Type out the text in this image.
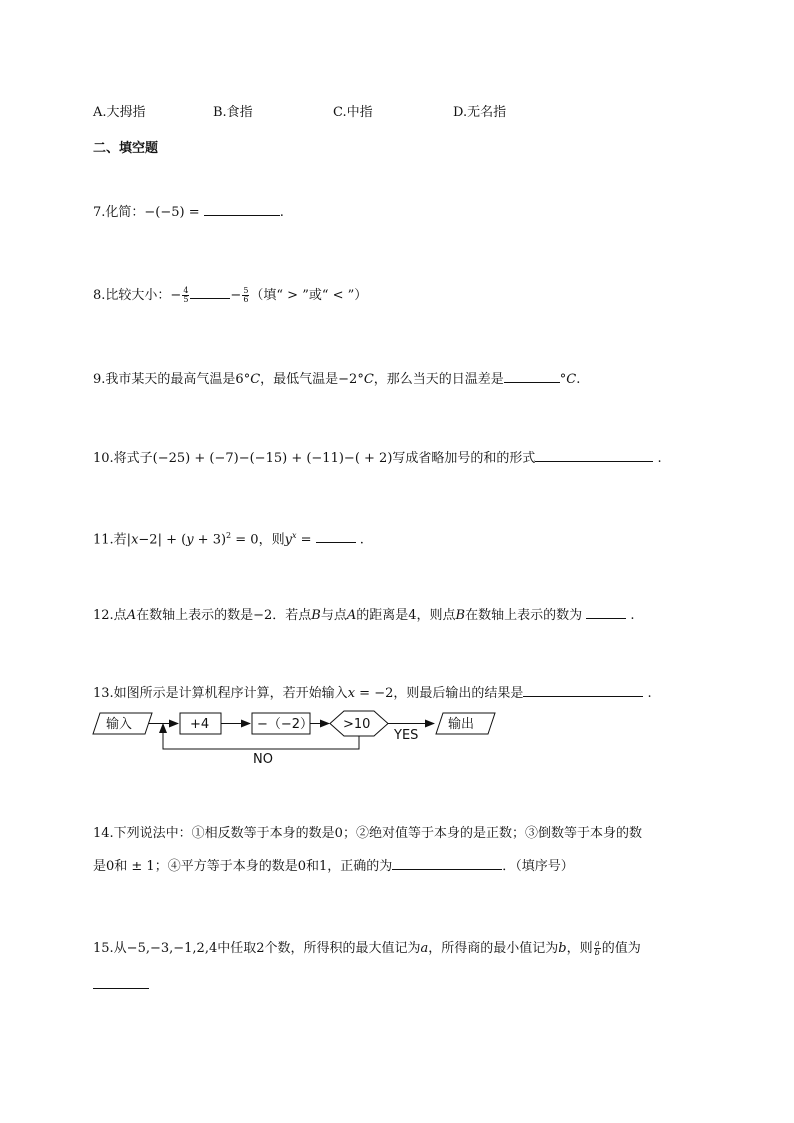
A.大拇指	B.食指	C.中指	D.无名指
二、填空题
7.化简：−(−5) =	.
8.比较大小：− $\frac{4}{5}$	− $\frac{5}{6}$ （填“ > ”或“ < ”）
9.我市某天的最高气温是6°C，最低气温是−2°C，那么当天的日温差是	°C.
10.将式子(−25) + (−7)−(−15) + (−11)−( + 2)写成省略加号的和的形式	.
11.若$|x-2| + (y + 3)^2 = 0$，则$y^x$ =	.
12.点A在数轴上表示的数是−2．若点B与点A的距离是4，则点B在数轴上表示的数为	.
13.如图所示是计算机程序计算，若开始输入x = −2，则最后输出的结果是	.
输入	+4	−（−2） >10
YES
输出
NO
14.下列说法中：①相反数等于本身的数是0；②绝对值等于本身的是正数；③倒数等于本身的数
是0和 ± 1；④平方等于本身的数是0和1，正确的为	．（填序号）
15.从−5,−3,−1,2,4中任取2个数，所得积的最大值记为a，所得商的最小值记为b，则 $\frac{a}{b}$ 的值为
